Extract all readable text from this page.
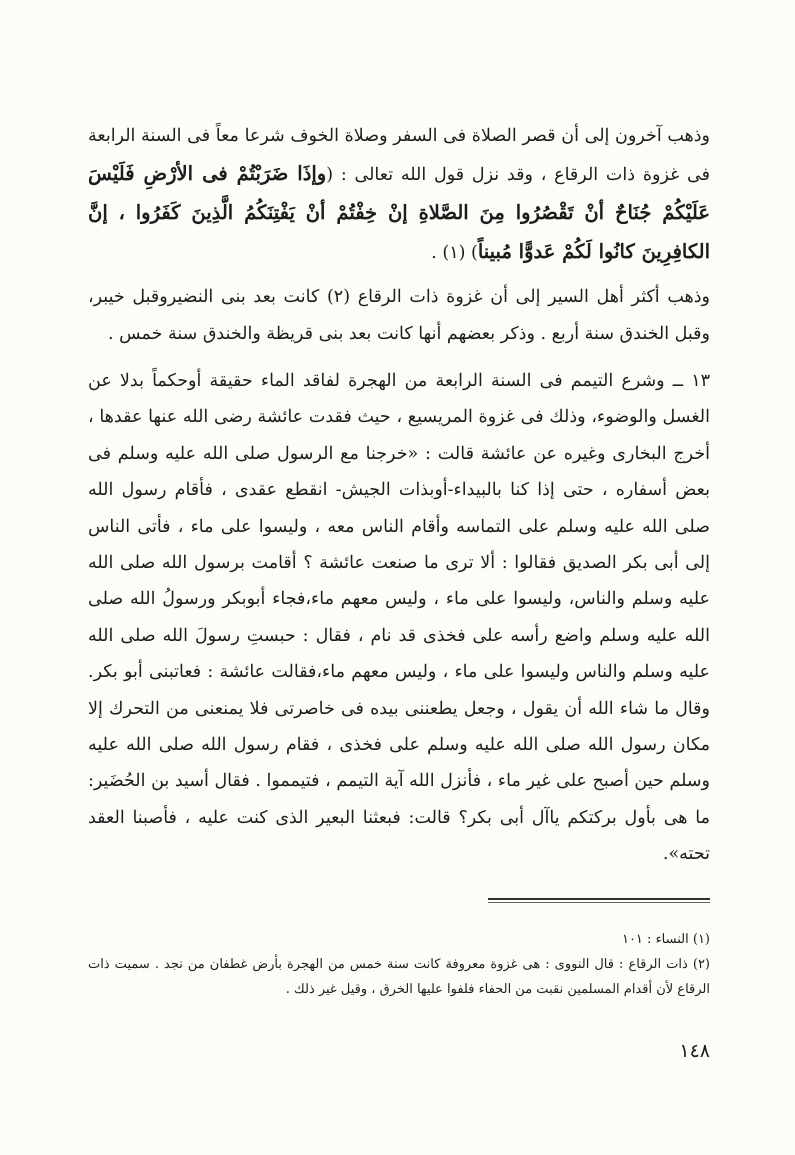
وذهب آخرون إلى أن قصر الصلاة فى السفر وصلاة الخوف شرعا معاً فى السنة الرابعة فى غزوة ذات الرقاع ، وقد نزل قول الله تعالى : (وإذَا ضَرَبْتُمْ فى الأرْضِ فَلَيْسَ عَلَيْكُمْ جُنَاحٌ أنْ تَقْصُرُوا مِنَ الصَّلاةِ إنْ خِفْتُمْ أنْ يَفْتِنَكُمُ الَّذِينَ كَفَرُوا ، إنَّ الكافِرِينَ كانُوا لَكُمْ عَدوًّا مُبيناً) (١) .

وذهب أكثر أهل السير إلى أن غزوة ذات الرقاع (٢) كانت بعد بنى النضيروقبل خيبر، وقبل الخندق سنة أربع . وذكر بعضهم أنها كانت بعد بنى قريظة والخندق سنة خمس .

١٣ ــ وشرع التيمم فى السنة الرابعة من الهجرة لفاقد الماء حقيقة أوحكماً بدلا عن الغسل والوضوء، وذلك فى غزوة المريسيع ، حيث فقدت عائشة رضى الله عنها عقدها ، أخرج البخارى وغيره عن عائشة قالت : «خرجنا مع الرسول صلى الله عليه وسلم فى بعض أسفاره ، حتى إذا كنا بالبيداء-أوبذات الجيش- انقطع عقدى ، فأقام رسول الله صلى الله عليه وسلم على التماسه وأقام الناس معه ، وليسوا على ماء ، فأتى الناس إلى أبى بكر الصديق فقالوا : ألا ترى ما صنعت عائشة ؟ أقامت برسول الله صلى الله عليه وسلم والناس، وليسوا على ماء ، وليس معهم ماء،فجاء أبوبكر ورسولُ الله صلى الله عليه وسلم واضع رأسه على فخذى قد نام ، فقال : حبستِ رسولَ الله صلى الله عليه وسلم والناس وليسوا على ماء ، وليس معهم ماء،فقالت عائشة : فعاتبنى أبو بكر. وقال ما شاء الله أن يقول ، وجعل يطعننى بيده فى خاصرتى فلا يمنعنى من التحرك إلا مكان رسول الله صلى الله عليه وسلم على فخذى ، فقام رسول الله صلى الله عليه وسلم حين أصبح على غير ماء ، فأنزل الله آية التيمم ، فتيمموا . فقال أسيد بن الحُضَير: ما هى بأول بركتكم ياآل أبى بكر؟ قالت: فبعثنا البعير الذى كنت عليه ، فأصبنا العقد تحته».

(١) النساء : ١٠١

(٢) ذات الرقاع : قال النووى : هى غزوة معروفة كانت سنة خمس من الهجرة بأرض غطفان من نجد . سميت ذات الرقاع لأن أقدام المسلمين نقبت من الحفاء فلفوا عليها الخرق ، وقيل غير ذلك .

١٤٨
